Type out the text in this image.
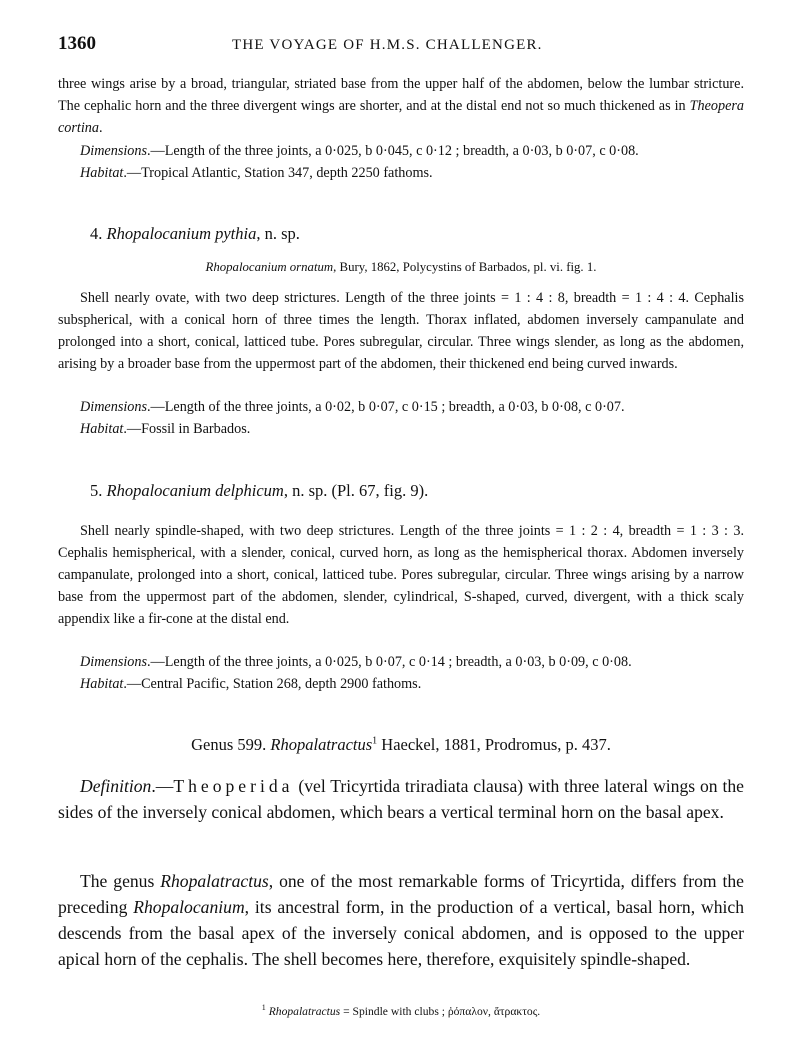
1360	THE VOYAGE OF H.M.S. CHALLENGER.
three wings arise by a broad, triangular, striated base from the upper half of the abdomen, below the lumbar stricture. The cephalic horn and the three divergent wings are shorter, and at the distal end not so much thickened as in Theopera cortina.
Dimensions.—Length of the three joints, a 0·025, b 0·045, c 0·12 ; breadth, a 0·03, b 0·07, c 0·08.
Habitat.—Tropical Atlantic, Station 347, depth 2250 fathoms.
4. Rhopalocanium pythia, n. sp.
Rhopalocanium ornatum, Bury, 1862, Polycystins of Barbados, pl. vi. fig. 1.
Shell nearly ovate, with two deep strictures. Length of the three joints = 1 : 4 : 8, breadth = 1 : 4 : 4. Cephalis subspherical, with a conical horn of three times the length. Thorax inflated, abdomen inversely campanulate and prolonged into a short, conical, latticed tube. Pores subregular, circular. Three wings slender, as long as the abdomen, arising by a broader base from the uppermost part of the abdomen, their thickened end being curved inwards.
Dimensions.—Length of the three joints, a 0·02, b 0·07, c 0·15 ; breadth, a 0·03, b 0·08, c 0·07.
Habitat.—Fossil in Barbados.
5. Rhopalocanium delphicum, n. sp. (Pl. 67, fig. 9).
Shell nearly spindle-shaped, with two deep strictures. Length of the three joints = 1 : 2 : 4, breadth = 1 : 3 : 3. Cephalis hemispherical, with a slender, conical, curved horn, as long as the hemispherical thorax. Abdomen inversely campanulate, prolonged into a short, conical, latticed tube. Pores subregular, circular. Three wings arising by a narrow base from the uppermost part of the abdomen, slender, cylindrical, S-shaped, curved, divergent, with a thick scaly appendix like a fir-cone at the distal end.
Dimensions.—Length of the three joints, a 0·025, b 0·07, c 0·14 ; breadth, a 0·03, b 0·09, c 0·08.
Habitat.—Central Pacific, Station 268, depth 2900 fathoms.
Genus 599. Rhopalatractus$^1$ Haeckel, 1881, Prodromus, p. 437.
Definition.—Theoperida (vel Tricyrtida triradiata clausa) with three lateral wings on the sides of the inversely conical abdomen, which bears a vertical terminal horn on the basal apex.
The genus Rhopalatractus, one of the most remarkable forms of Tricyrtida, differs from the preceding Rhopalocanium, its ancestral form, in the production of a vertical, basal horn, which descends from the basal apex of the inversely conical abdomen, and is opposed to the upper apical horn of the cephalis. The shell becomes here, therefore, exquisitely spindle-shaped.
$^1$ Rhopalatractus = Spindle with clubs ; ῥόπαλον, ἄτρακτος.
